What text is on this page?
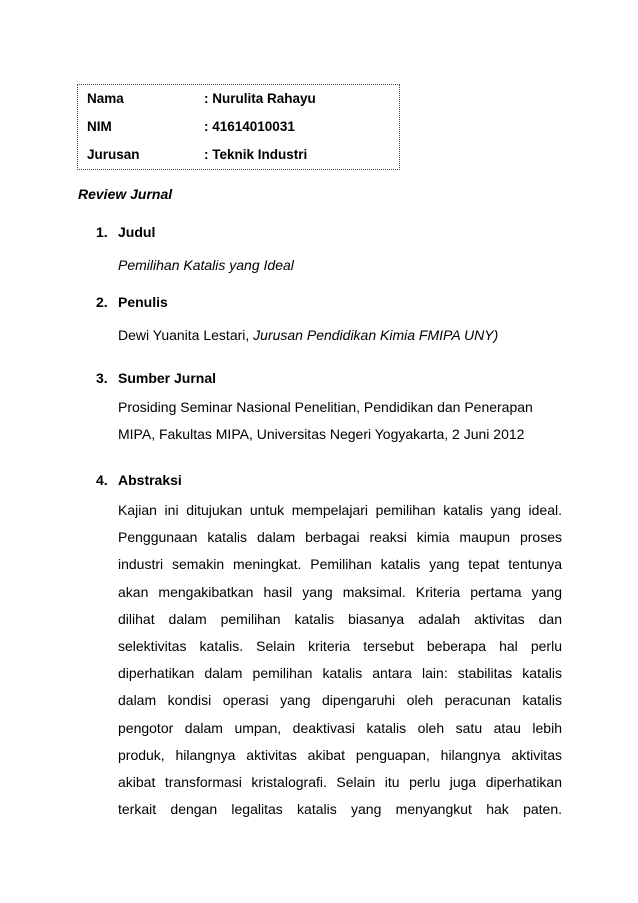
Nama	: Nurulita Rahayu
NIM	: 41614010031
Jurusan	: Teknik Industri
Review Jurnal
1. Judul
Pemilihan Katalis yang Ideal
2. Penulis
Dewi Yuanita Lestari, Jurusan Pendidikan Kimia FMIPA UNY)
3. Sumber Jurnal
Prosiding Seminar Nasional Penelitian, Pendidikan dan Penerapan
MIPA, Fakultas MIPA, Universitas Negeri Yogyakarta, 2 Juni 2012
4. Abstraksi
Kajian ini ditujukan untuk mempelajari pemilihan katalis yang ideal.
Penggunaan katalis dalam berbagai reaksi kimia maupun proses
industri semakin meningkat. Pemilihan katalis yang tepat tentunya
akan mengakibatkan hasil yang maksimal. Kriteria pertama yang
dilihat dalam pemilihan katalis biasanya adalah aktivitas dan
selektivitas katalis. Selain kriteria tersebut beberapa hal perlu
diperhatikan dalam pemilihan katalis antara lain: stabilitas katalis
dalam kondisi operasi yang dipengaruhi oleh peracunan katalis
pengotor dalam umpan, deaktivasi katalis oleh satu atau lebih
produk, hilangnya aktivitas akibat penguapan, hilangnya aktivitas
akibat transformasi kristalografi. Selain itu perlu juga diperhatikan
terkait dengan legalitas katalis yang menyangkut hak paten.
